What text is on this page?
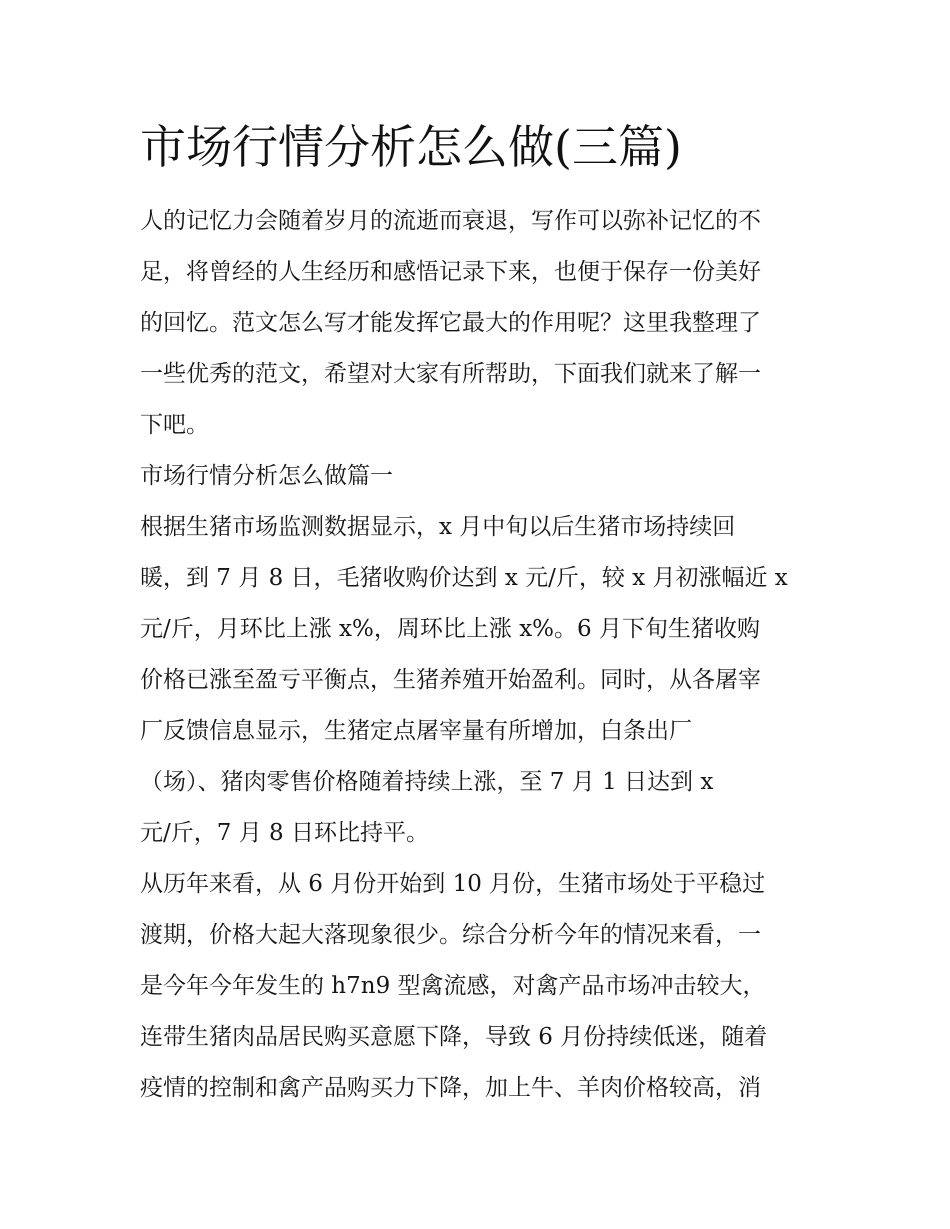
市场行情分析怎么做(三篇)
人的记忆力会随着岁月的流逝而衰退，写作可以弥补记忆的不
足，将曾经的人生经历和感悟记录下来，也便于保存一份美好
的回忆。范文怎么写才能发挥它最大的作用呢？这里我整理了
一些优秀的范文，希望对大家有所帮助，下面我们就来了解一
下吧。
市场行情分析怎么做篇一
根据生猪市场监测数据显示，x 月中旬以后生猪市场持续回
暖，到 7 月 8 日，毛猪收购价达到 x 元/斤，较 x 月初涨幅近 x
元/斤，月环比上涨 x%，周环比上涨 x%。6 月下旬生猪收购
价格已涨至盈亏平衡点，生猪养殖开始盈利。同时，从各屠宰
厂反馈信息显示，生猪定点屠宰量有所增加，白条出厂
（场）、猪肉零售价格随着持续上涨，至 7 月 1 日达到 x
元/斤，7 月 8 日环比持平。
从历年来看，从 6 月份开始到 10 月份，生猪市场处于平稳过
渡期，价格大起大落现象很少。综合分析今年的情况来看，一
是今年今年发生的 h7n9 型禽流感，对禽产品市场冲击较大，
连带生猪肉品居民购买意愿下降，导致 6 月份持续低迷，随着
疫情的控制和禽产品购买力下降，加上牛、羊肉价格较高，消
